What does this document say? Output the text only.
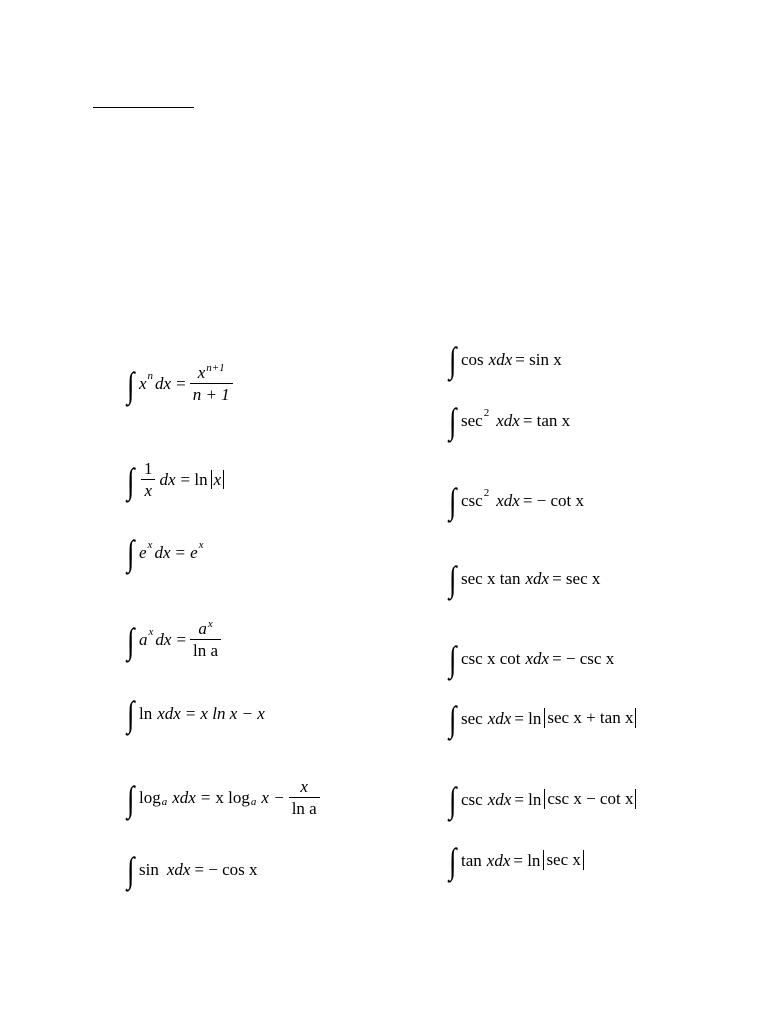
∫ x n dx = $\frac{x^{n+1}}{n + 1}$
∫ $\frac{1}{x}$ dx = ln x
∫ e x dx = e x
∫ a x dx = $\frac{a^x}{\text{ln a}}$
∫ ln xdx = x ln x − x
∫ log a xdx = x log a $x - \frac{x}{\text{ln a}}$
∫ sin xdx = − cos x
∫ cos xdx = sin x
∫ sec 2 xdx = tan x
∫ csc 2 xdx = − cot x
∫ sec x tan xdx = sec x
∫ csc x cot xdx = − csc x
∫ sec xdx = ln sec x + tan x
∫ csc xdx = ln csc x − cot x
∫ tan xdx = ln sec x
